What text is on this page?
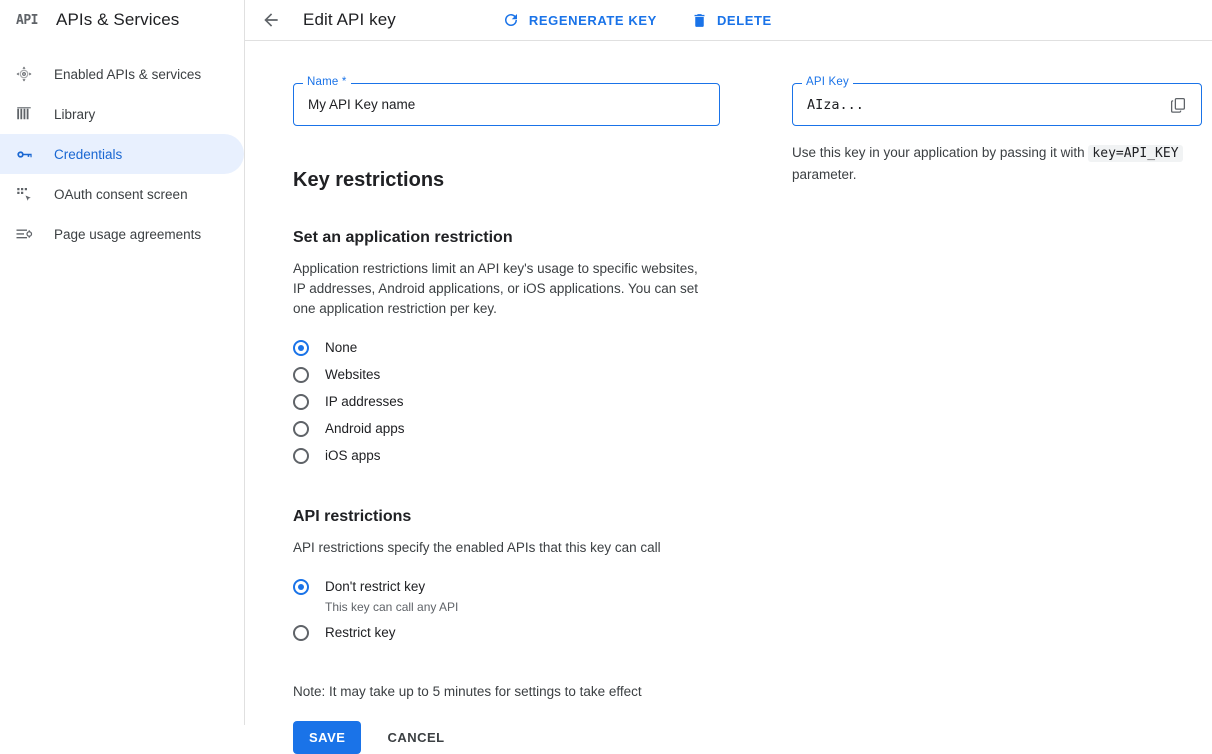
API APIs & Services
Enabled APIs & services
Library
Credentials
OAuth consent screen
Page usage agreements
Edit API key	REGENERATE KEY	DELETE
Name *
My API Key name
Key restrictions
Set an application restriction

Application restrictions limit an API key's usage to specific websites, IP addresses, Android applications, or iOS applications. You can set one application restriction per key.

None
Websites
IP addresses
Android apps
iOS apps
API restrictions

API restrictions specify the enabled APIs that this key can call

Don't restrict key
This key can call any API
Restrict key
Note: It may take up to 5 minutes for settings to take effect
SAVE	CANCEL
API Key
AIza...
Use this key in your application by passing it with key=API_KEY parameter.
